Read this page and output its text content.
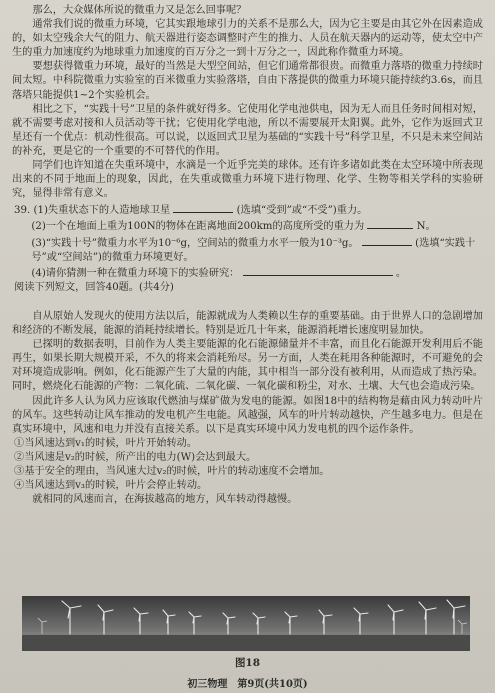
那么，大众媒体所说的微重力又是怎么回事呢？

通常我们说的微重力环境，它其实跟地球引力的关系不是那么大，因为它主要是由其它外在因素造成的，如太空残余大气的阻力、航天器进行姿态调整时产生的推力、人员在航天器内的运动等，使太空中产生的重力加速度约为地球重力加速度的百万分之一到十万分之一，因此称作微重力环境。

要想获得微重力环境，最好的当然是大型空间站，但它们通常都很贵。而微重力落塔的微重力持续时间太短。中科院微重力实验室的百米微重力实验落塔，自由下落提供的微重力环境只能持续约3.6s，而且落塔只能提供1~2个实验机会。

相比之下，“实践十号”卫星的条件就好得多。它使用化学电池供电，因为无人而且任务时间相对短，就不需要考虑对接和人员活动等干扰；它使用化学电池，所以不需要展开太阳翼。此外，它作为返回式卫星还有一个优点：机动性很高。可以说，以返回式卫星为基础的“实践十号”科学卫星，不只是未来空间站的补充，更是它的一个重要的不可替代的作用。

同学们也许知道在失重环境中，水滴是一个近乎完美的球体。还有许多诸如此类在太空环境中所表现出来的不同于地面上的现象，因此，在失重或微重力环境下进行物理、化学、生物等相关学科的实验研究，显得非常有意义。

39. (1)失重状态下的人造地球卫星	(选填“受到”或“不受”)重力。

(2)一个在地面上重为100N的物体在距离地面200km的高度所受的重力为	N。

(3)“实践十号”微重力水平为10⁻⁶g，空间站的微重力水平一般为10⁻³g。	(选填“实践十号”或“空间站”)的微重力环境更好。

(4)请你猜测一种在微重力环境下的实验研究：	。

阅读下列短文，回答40题。(共4分)

自从原始人发现火的使用方法以后，能源就成为人类赖以生存的重要基础。由于世界人口的急剧增加和经济的不断发展，能源的消耗持续增长。特别是近几十年来，能源消耗增长速度明显加快。

已探明的数据表明，目前作为人类主要能源的化石能源储量并不丰富，而且化石能源开发利用后不能再生，如果长期大规模开采，不久的将来会消耗殆尽。另一方面，人类在耗用各种能源时，不可避免的会对环境造成影响。例如，化石能源产生了大量的内能，其中相当一部分没有被利用，从而造成了热污染。同时，燃烧化石能源的产物：二氧化硫、二氧化碳、一氧化碳和粉尘，对水、土壤、大气也会造成污染。

因此许多人认为风力应该取代燃油与煤矿做为发电的能源。如图18中的结构物是藉由风力转动叶片的风车。这些转动让风车推动的发电机产生电能。风越强，风车的叶片转动越快，产生越多电力。但是在真实环境中，风速和电力并没有直接关系。以下是真实环境中风力发电机的四个运作条件。

①当风速达到v₁的时候，叶片开始转动。

②当风速是v₂的时候，所产出的电力(W)会达到最大。

③基于安全的理由，当风速大过v₂的时候，叶片的转动速度不会增加。

④当风速达到v₃的时候，叶片会停止转动。

就相同的风速而言，在海拔越高的地方，风车转动得越慢。

图18
初三物理　第9页(共10页)
